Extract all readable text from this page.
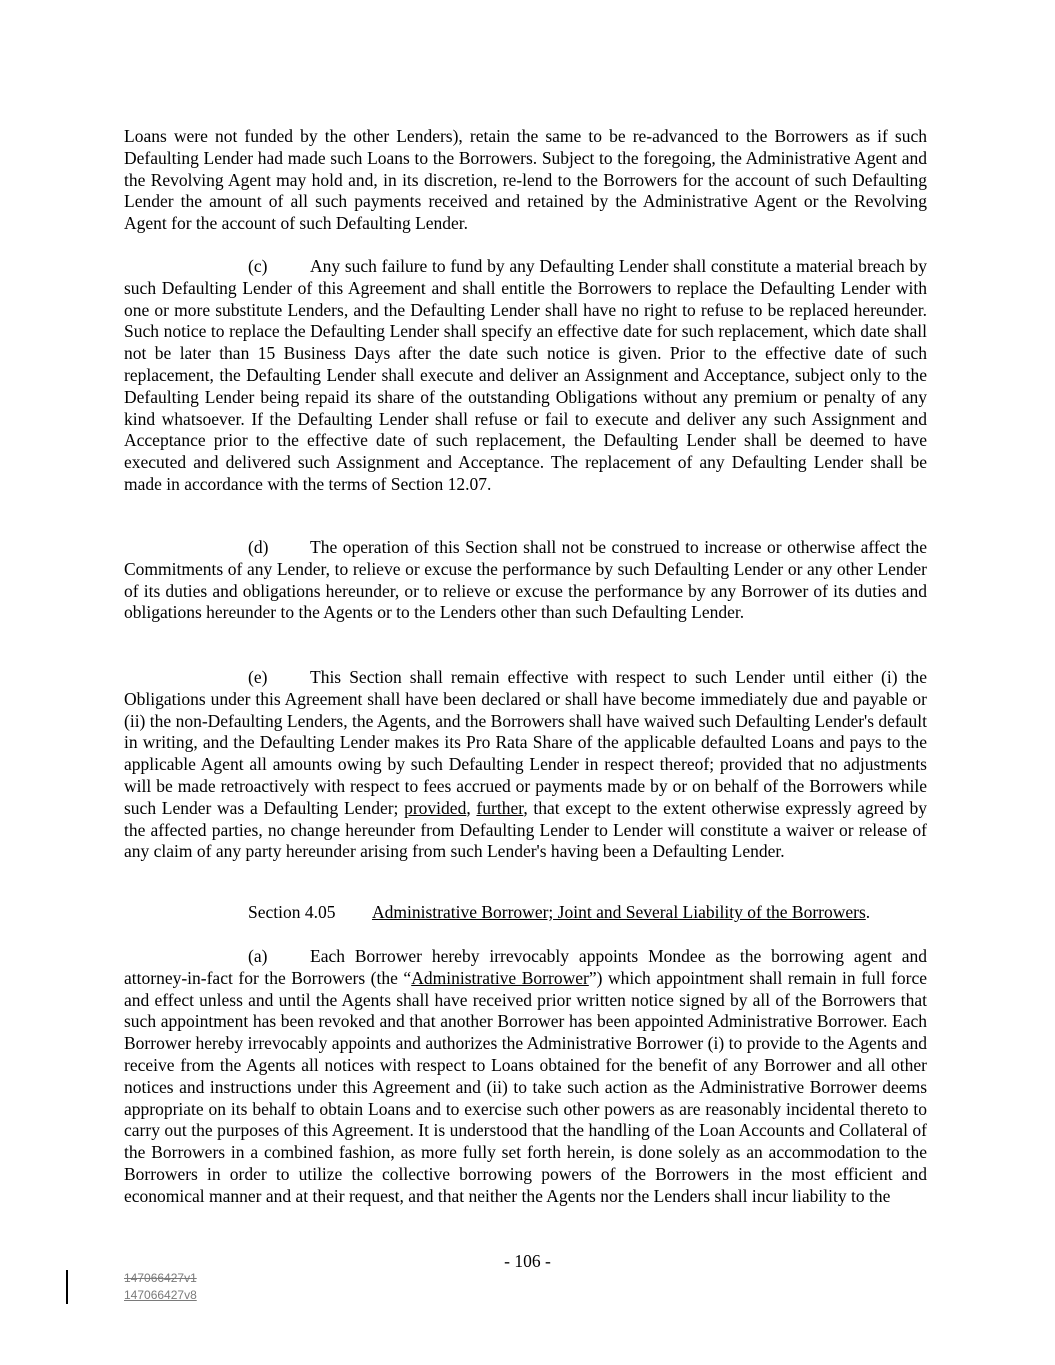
Loans were not funded by the other Lenders), retain the same to be re-advanced to the Borrowers as if such Defaulting Lender had made such Loans to the Borrowers. Subject to the foregoing, the Administrative Agent and the Revolving Agent may hold and, in its discretion, re-lend to the Borrowers for the account of such Defaulting Lender the amount of all such payments received and retained by the Administrative Agent or the Revolving Agent for the account of such Defaulting Lender.

(c) Any such failure to fund by any Defaulting Lender shall constitute a material breach by such Defaulting Lender of this Agreement and shall entitle the Borrowers to replace the Defaulting Lender with one or more substitute Lenders, and the Defaulting Lender shall have no right to refuse to be replaced hereunder. Such notice to replace the Defaulting Lender shall specify an effective date for such replacement, which date shall not be later than 15 Business Days after the date such notice is given. Prior to the effective date of such replacement, the Defaulting Lender shall execute and deliver an Assignment and Acceptance, subject only to the Defaulting Lender being repaid its share of the outstanding Obligations without any premium or penalty of any kind whatsoever. If the Defaulting Lender shall refuse or fail to execute and deliver any such Assignment and Acceptance prior to the effective date of such replacement, the Defaulting Lender shall be deemed to have executed and delivered such Assignment and Acceptance. The replacement of any Defaulting Lender shall be made in accordance with the terms of Section 12.07.

(d) The operation of this Section shall not be construed to increase or otherwise affect the Commitments of any Lender, to relieve or excuse the performance by such Defaulting Lender or any other Lender of its duties and obligations hereunder, or to relieve or excuse the performance by any Borrower of its duties and obligations hereunder to the Agents or to the Lenders other than such Defaulting Lender.

(e) This Section shall remain effective with respect to such Lender until either (i) the Obligations under this Agreement shall have been declared or shall have become immediately due and payable or (ii) the non-Defaulting Lenders, the Agents, and the Borrowers shall have waived such Defaulting Lender's default in writing, and the Defaulting Lender makes its Pro Rata Share of the applicable defaulted Loans and pays to the applicable Agent all amounts owing by such Defaulting Lender in respect thereof; provided that no adjustments will be made retroactively with respect to fees accrued or payments made by or on behalf of the Borrowers while such Lender was a Defaulting Lender; provided, further, that except to the extent otherwise expressly agreed by the affected parties, no change hereunder from Defaulting Lender to Lender will constitute a waiver or release of any claim of any party hereunder arising from such Lender's having been a Defaulting Lender.

Section 4.05 Administrative Borrower; Joint and Several Liability of the Borrowers.

(a) Each Borrower hereby irrevocably appoints Mondee as the borrowing agent and attorney-in-fact for the Borrowers (the “Administrative Borrower”) which appointment shall remain in full force and effect unless and until the Agents shall have received prior written notice signed by all of the Borrowers that such appointment has been revoked and that another Borrower has been appointed Administrative Borrower. Each Borrower hereby irrevocably appoints and authorizes the Administrative Borrower (i) to provide to the Agents and receive from the Agents all notices with respect to Loans obtained for the benefit of any Borrower and all other notices and instructions under this Agreement and (ii) to take such action as the Administrative Borrower deems appropriate on its behalf to obtain Loans and to exercise such other powers as are reasonably incidental thereto to carry out the purposes of this Agreement. It is understood that the handling of the Loan Accounts and Collateral of the Borrowers in a combined fashion, as more fully set forth herein, is done solely as an accommodation to the Borrowers in order to utilize the collective borrowing powers of the Borrowers in the most efficient and economical manner and at their request, and that neither the Agents nor the Lenders shall incur liability to the

- 106 -

147066427v1
147066427v8
